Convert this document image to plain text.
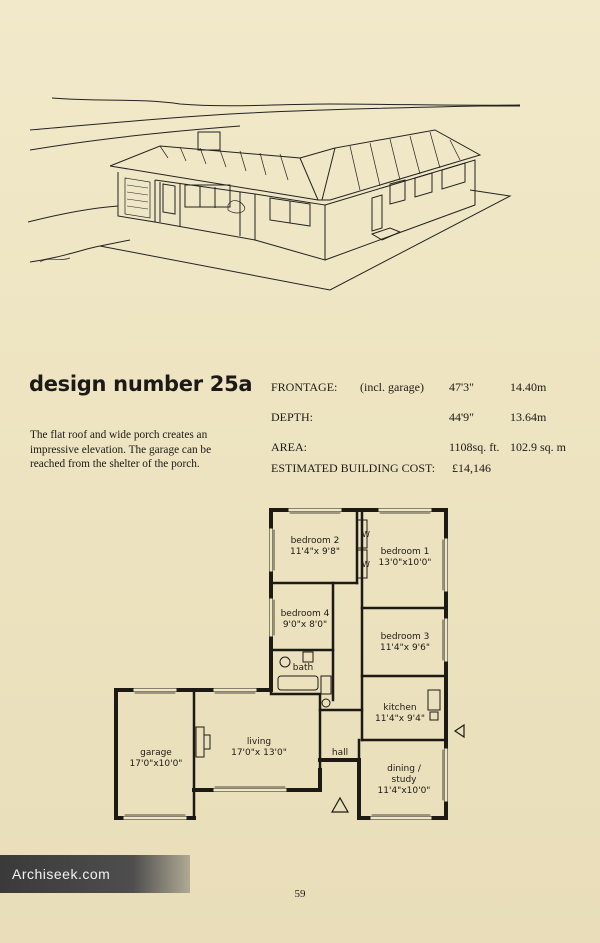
design number 25a

The flat roof and wide porch creates an impressive elevation. The garage can be reached from the shelter of the porch.

FRONTAGE: (incl. garage) 47'3"	14.40m
DEPTH:	44'9"	13.64m
AREA:	1108sq. ft. 102.9 sq. m
ESTIMATED BUILDING COST: £14,146
W
W
bedroom 2
11'4"x 9'8"	bedroom 1
13'0"x10'0"
bedroom 4
9'0"x 8'0"
bedroom 3
11'4"x 9'6"
bath
kitchen
11'4"x 9'4"
garage
17'0"x10'0"
living
17'0"x 13'0"	hall
dining /
study
11'4"x10'0"
Archiseek.com
59
